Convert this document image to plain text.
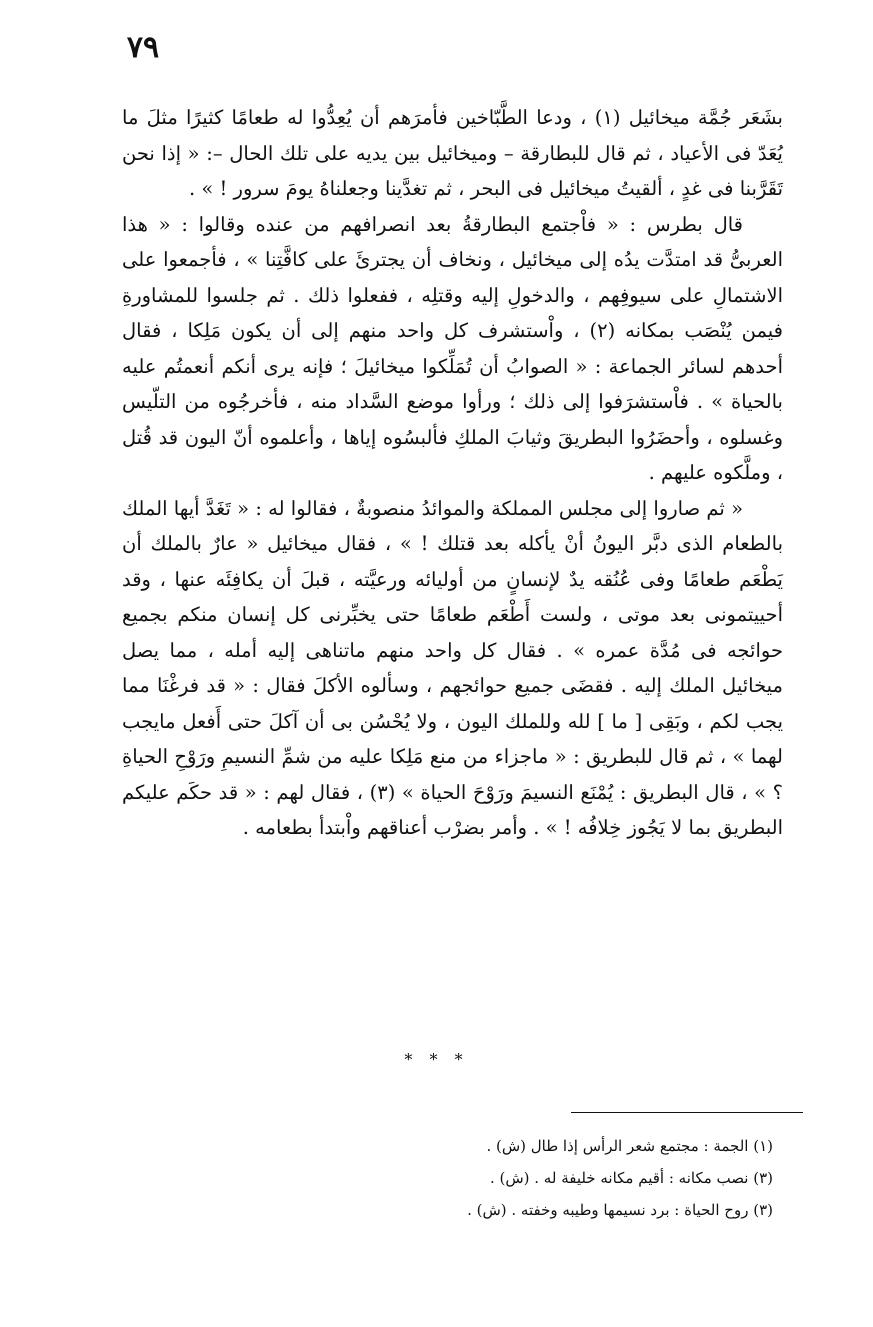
٧٩

بشَعَر جُمَّة ميخائيل (١) ، ودعا الطَّبّاخين فأمرَهم أن يُعِدُّوا له طعامًا كثيرًا مثلَ ما يُعَدّ فى الأعياد ، ثم قال للبطارقة – وميخائيل بين يديه على تلك الحال –: « إذا نحن تَقَرَّبنا فى غدٍ ، ألقيتُ ميخائيل فى البحر ، ثم تغدَّينا وجعلناهُ يومَ سرور ! » .

قال بطرس : « فاْجتمع البطارقةُ بعد انصرافهم من عنده وقالوا : « هذا العربىُّ قد امتدَّت يدُه إلى ميخائيل ، ونخاف أن يجترئَ على كافَّتِنا » ، فأجمعوا على الاشتمالِ على سيوفِهم ، والدخولِ إليه وقتلِه ، ففعلوا ذلك . ثم جلسوا للمشاورةِ فيمن يُنْصَب بمكانه (٢) ، واْستشرف كل واحد منهم إلى أن يكون مَلِكا ، فقال أحدهم لسائر الجماعة : « الصوابُ أن تُمَلِّكوا ميخائيلَ ؛ فإنه يرى أنكم أنعمتُم عليه بالحياة » . فاْستشرَفوا إلى ذلك ؛ ورأوا موضع السَّداد منه ، فأخرجُوه من التلّيس وغسلوه ، وأحضَرُوا البطريقَ وثيابَ الملكِ فألبسُوه إياها ، وأعلموه أنّ اليون قد قُتل ، وملَّكوه عليهم .

« ثم صاروا إلى مجلس المملكة والموائدُ منصوبةٌ ، فقالوا له : « تَغَدَّ أيها الملك بالطعام الذى دبَّر اليونُ أنْ يأكله بعد قتلك ! » ، فقال ميخائيل « عارٌ بالملك أن يَطْعَم طعامًا وفى عُنُقه يدٌ لإنسانٍ من أوليائه ورعيَّته ، قبلَ أن يكافِئَه عنها ، وقد أحييتمونى بعد موتى ، ولست أَطْعَم طعامًا حتى يخبِّرنى كل إنسان منكم بجميع حوائجه فى مُدَّة عمره » . فقال كل واحد منهم ماتناهى إليه أمله ، مما يصل ميخائيل الملك إليه . فقضَى جميع حوائجهم ، وسألوه الأكلَ فقال : « قد فرغْنَا مما يجب لكم ، وبَقِى [ ما ] لله وللملك اليون ، ولا يُحْسُن بى أن آكلَ حتى أَفعل مايجب لهما » ، ثم قال للبطريق : « ماجزاء من منع مَلِكا عليه من شمِّ النسيمِ ورَوْحِ الحياةِ ؟ » ، قال البطريق : يُمْنَع النسيمَ ورَوْحَ الحياة » (٣) ، فقال لهم : « قد حكَم عليكم البطريق بما لا يَجُوز خِلافُه ! » . وأمر بضرْب أعناقهم واْبتدأ بطعامه .

* * *

(١) الجمة : مجتمع شعر الرأس إذا طال (ش) .

(٣) نصب مكانه : أقيم مكانه خليفة له . (ش) .

(٣) روح الحياة : برد نسيمها وطيبه وخفته . (ش) .
